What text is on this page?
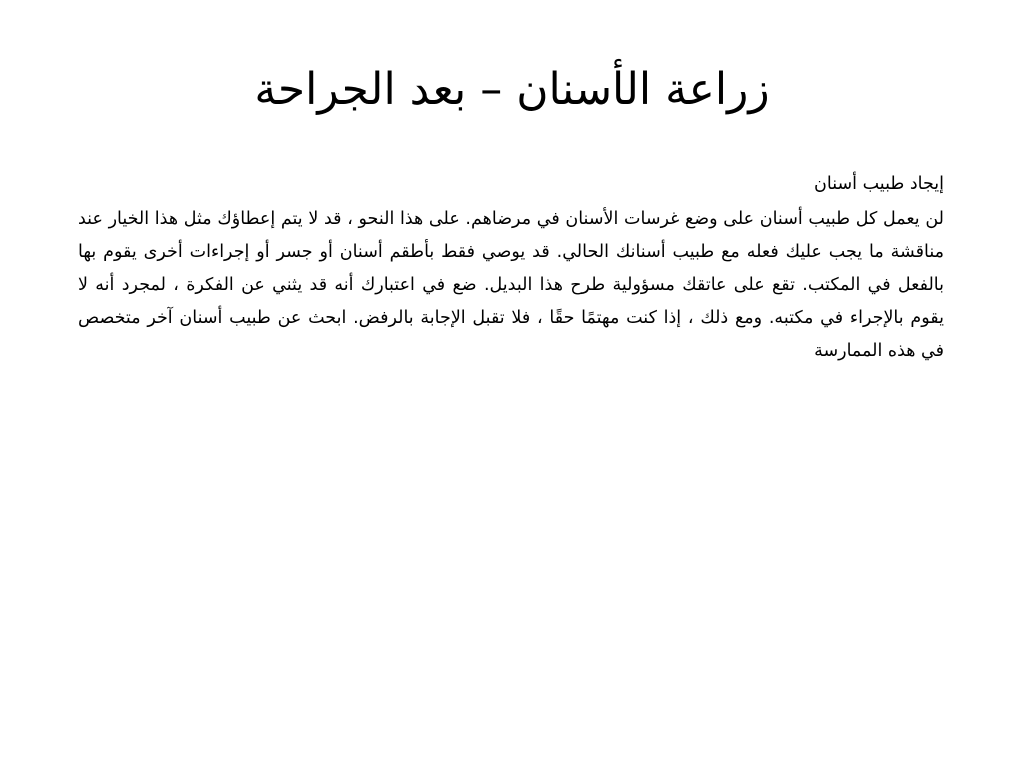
زراعة الأسنان – بعد الجراحة

إيجاد طبيب أسنان

لن يعمل كل طبيب أسنان على وضع غرسات الأسنان في مرضاهم. على هذا النحو ، قد لا يتم إعطاؤك مثل هذا الخيار عند مناقشة ما يجب عليك فعله مع طبيب أسنانك الحالي. قد يوصي فقط بأطقم أسنان أو جسر أو إجراءات أخرى يقوم بها بالفعل في المكتب. تقع على عاتقك مسؤولية طرح هذا البديل. ضع في اعتبارك أنه قد يثني عن الفكرة ، لمجرد أنه لا يقوم بالإجراء في مكتبه. ومع ذلك ، إذا كنت مهتمًا حقًا ، فلا تقبل الإجابة بالرفض. ابحث عن طبيب أسنان آخر متخصص في هذه الممارسة
